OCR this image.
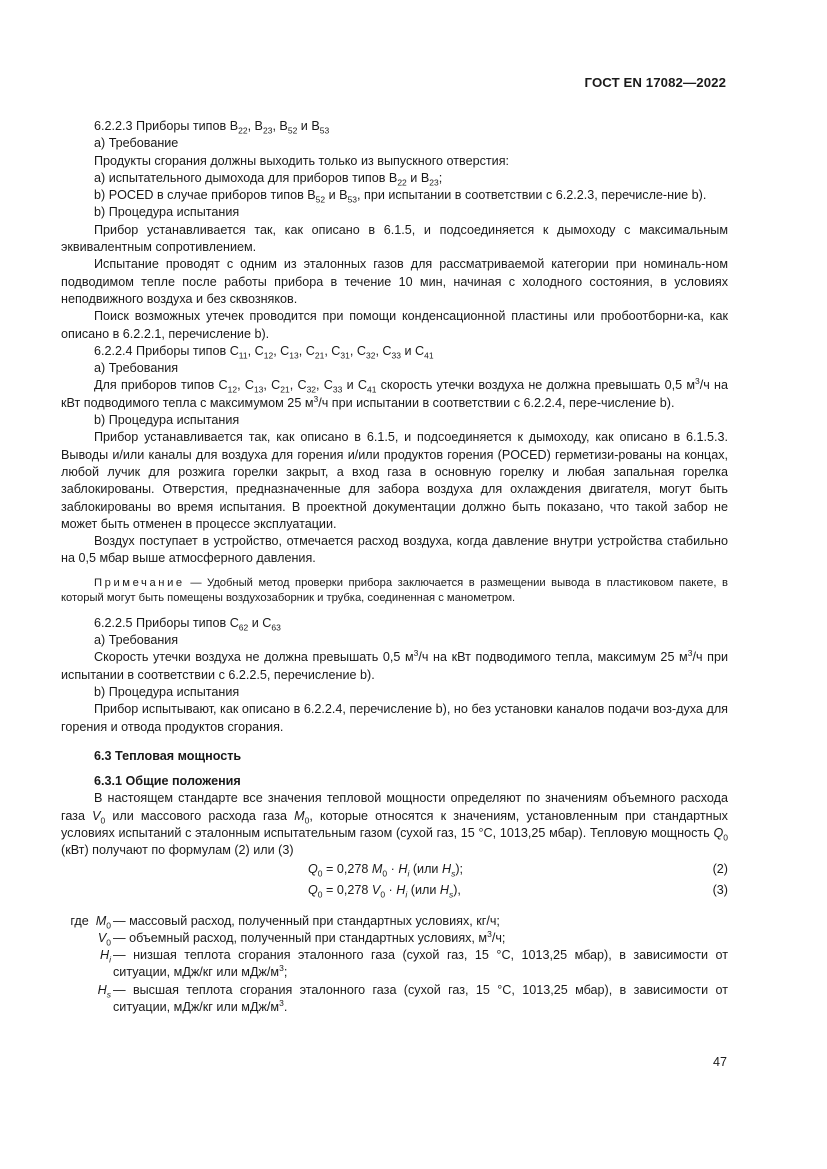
ГОСТ EN 17082—2022

6.2.2.3 Приборы типов $B_{22}$, $B_{23}$, $B_{52}$ и $B_{53}$

а) Требование

Продукты сгорания должны выходить только из выпускного отверстия:

a) испытательного дымохода для приборов типов $B_{22}$ и $B_{23}$;

b) POCED в случае приборов типов $B_{52}$ и $B_{53}$, при испытании в соответствии с 6.2.2.3, перечисле-ние b).

b) Процедура испытания

Прибор устанавливается так, как описано в 6.1.5, и подсоединяется к дымоходу с максимальным эквивалентным сопротивлением.

Испытание проводят с одним из эталонных газов для рассматриваемой категории при номиналь-ном подводимом тепле после работы прибора в течение 10 мин, начиная с холодного состояния, в условиях неподвижного воздуха и без сквозняков.

Поиск возможных утечек проводится при помощи конденсационной пластины или пробоотборни-ка, как описано в 6.2.2.1, перечисление b).

6.2.2.4 Приборы типов $C_{11}$, $C_{12}$, $C_{13}$, $C_{21}$, $C_{31}$, $C_{32}$, $C_{33}$ и $C_{41}$

а) Требования

Для приборов типов $C_{12}$, $C_{13}$, $C_{21}$, $C_{32}$, $C_{33}$ и $C_{41}$ скорость утечки воздуха не должна превышать 0,5 $м^3/ч$ на кВт подводимого тепла с максимумом 25 $м^3/ч$ при испытании в соответствии с 6.2.2.4, пере-числение b).

b) Процедура испытания

Прибор устанавливается так, как описано в 6.1.5, и подсоединяется к дымоходу, как описано в 6.1.5.3. Выводы и/или каналы для воздуха для горения и/или продуктов горения (POCED) герметизи-рованы на концах, любой лучик для розжига горелки закрыт, а вход газа в основную горелку и любая запальная горелка заблокированы. Отверстия, предназначенные для забора воздуха для охлаждения двигателя, могут быть заблокированы во время испытания. В проектной документации должно быть показано, что такой забор не может быть отменен в процессе эксплуатации.

Воздух поступает в устройство, отмечается расход воздуха, когда давление внутри устройства стабильно на 0,5 мбар выше атмосферного давления.

Примечание — Удобный метод проверки прибора заключается в размещении вывода в пластиковом пакете, в который могут быть помещены воздухозаборник и трубка, соединенная с манометром.

6.2.2.5 Приборы типов $C_{62}$ и $C_{63}$

а) Требования

Скорость утечки воздуха не должна превышать 0,5 $м^3/ч$ на кВт подводимого тепла, максимум 25 $м^3/ч$ при испытании в соответствии с 6.2.2.5, перечисление b).

b) Процедура испытания

Прибор испытывают, как описано в 6.2.2.4, перечисление b), но без установки каналов подачи воз-духа для горения и отвода продуктов сгорания.

6.3 Тепловая мощность

6.3.1 Общие положения

В настоящем стандарте все значения тепловой мощности определяют по значениям объемного расхода газа $V_0$ или массового расхода газа $M_0$, которые относятся к значениям, установленным при стандартных условиях испытаний с эталонным испытательным газом (сухой газ, 15 °C, 1013,25 мбар). Тепловую мощность $Q_0$ (кВт) получают по формулам (2) или (3)

$Q_0 = 0,278$ $M_0 \cdot H_i$ (или $H_s$);	(2)
$Q_0 = 0,278$ $V_0 \cdot H_i$ (или $H_s$),	(3)
где $M_0$ — массовый расход, полученный при стандартных условиях, кг/ч;
$V_0$ — объемный расход, полученный при стандартных условиях, $м^3/ч$;
$H_i$ — низшая теплота сгорания эталонного газа (сухой газ, 15 °C, 1013,25 мбар), в зависимости от ситуации, мДж/кг или мДж/$м^3$;
$H_s$ — высшая теплота сгорания эталонного газа (сухой газ, 15 °C, 1013,25 мбар), в зависимости от ситуации, мДж/кг или мДж/$м^3$.
47
